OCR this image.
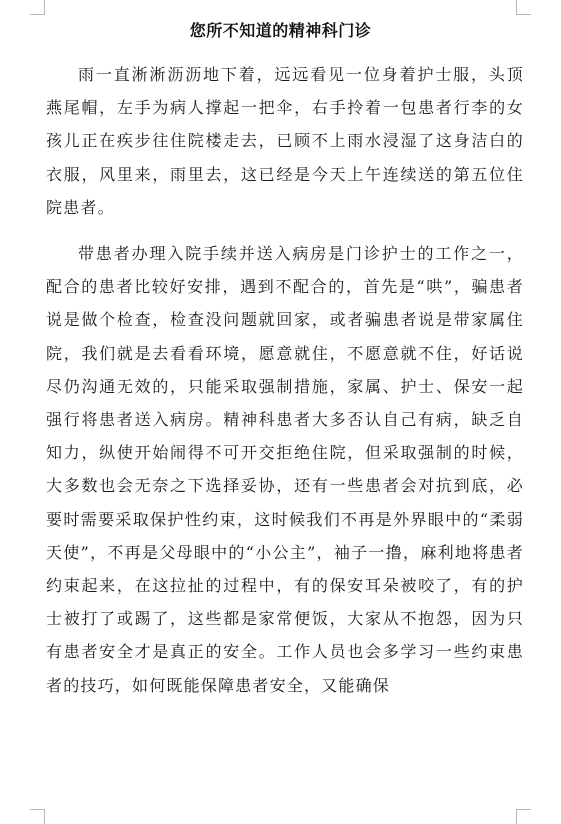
您所不知道的精神科门诊

雨一直淅淅沥沥地下着，远远看见一位身着护士服，头顶燕尾帽，左手为病人撑起一把伞，右手拎着一包患者行李的女孩儿正在疾步往住院楼走去，已顾不上雨水浸湿了这身洁白的衣服，风里来，雨里去，这已经是今天上午连续送的第五位住院患者。

带患者办理入院手续并送入病房是门诊护士的工作之一，配合的患者比较好安排，遇到不配合的，首先是“哄”，骗患者说是做个检查，检查没问题就回家，或者骗患者说是带家属住院，我们就是去看看环境，愿意就住，不愿意就不住，好话说尽仍沟通无效的，只能采取强制措施，家属、护士、保安一起强行将患者送入病房。精神科患者大多否认自己有病，缺乏自知力，纵使开始闹得不可开交拒绝住院，但采取强制的时候，大多数也会无奈之下选择妥协，还有一些患者会对抗到底，必要时需要采取保护性约束，这时候我们不再是外界眼中的“柔弱天使”，不再是父母眼中的“小公主”，袖子一撸，麻利地将患者约束起来，在这拉扯的过程中，有的保安耳朵被咬了，有的护士被打了或踢了，这些都是家常便饭，大家从不抱怨，因为只有患者安全才是真正的安全。工作人员也会多学习一些约束患者的技巧，如何既能保障患者安全，又能确保
